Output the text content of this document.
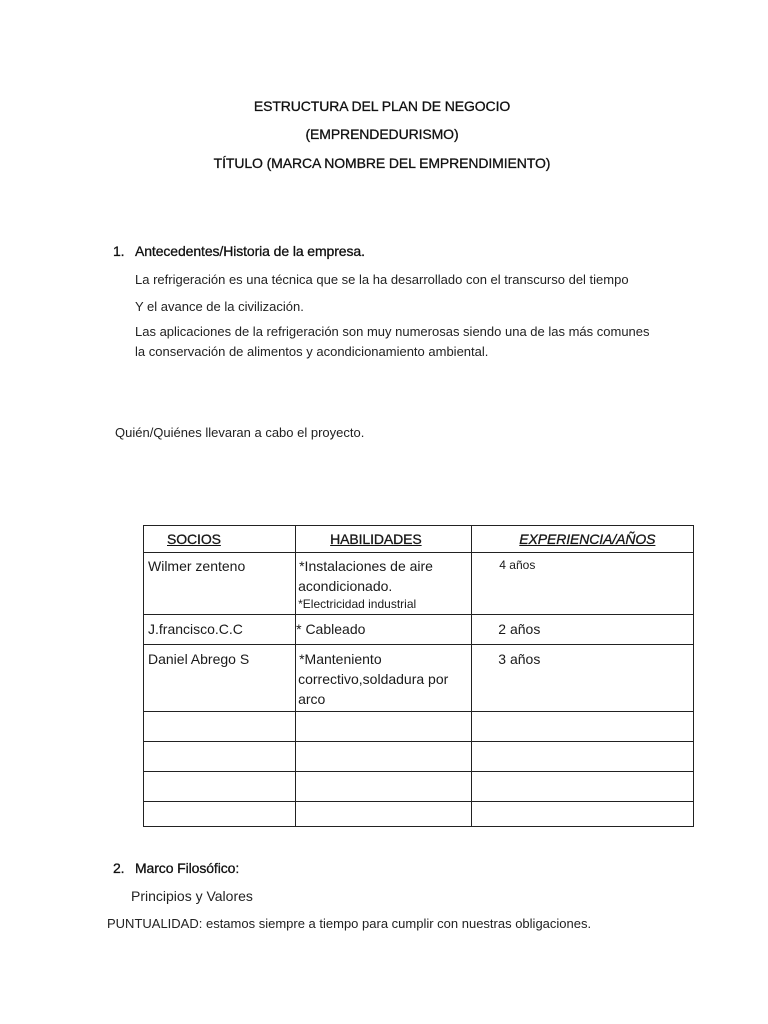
ESTRUCTURA DEL PLAN DE NEGOCIO
(EMPRENDEDURISMO)
TÍTULO (MARCA NOMBRE DEL EMPRENDIMIENTO)
1. Antecedentes/Historia de la empresa.
La refrigeración es una técnica que se la ha desarrollado con el transcurso del tiempo
Y el avance de la civilización.
Las aplicaciones de la refrigeración son muy numerosas siendo una de las más comunes
la conservación de alimentos y acondicionamiento ambiental.
Quién/Quiénes llevaran a cabo el proyecto.
SOCIOS	HABILIDADES	EXPERIENCIA/AÑOS

Wilmer zenteno	*Instalaciones de aire
acondicionado.
*Electricidad industrial	4 años

J.francisco.C.C	* Cableado	2 años

Daniel Abrego S	*Manteniento
correctivo,soldadura por
arco	3 años

2. Marco Filosófico:
Principios y Valores
PUNTUALIDAD: estamos siempre a tiempo para cumplir con nuestras obligaciones.
